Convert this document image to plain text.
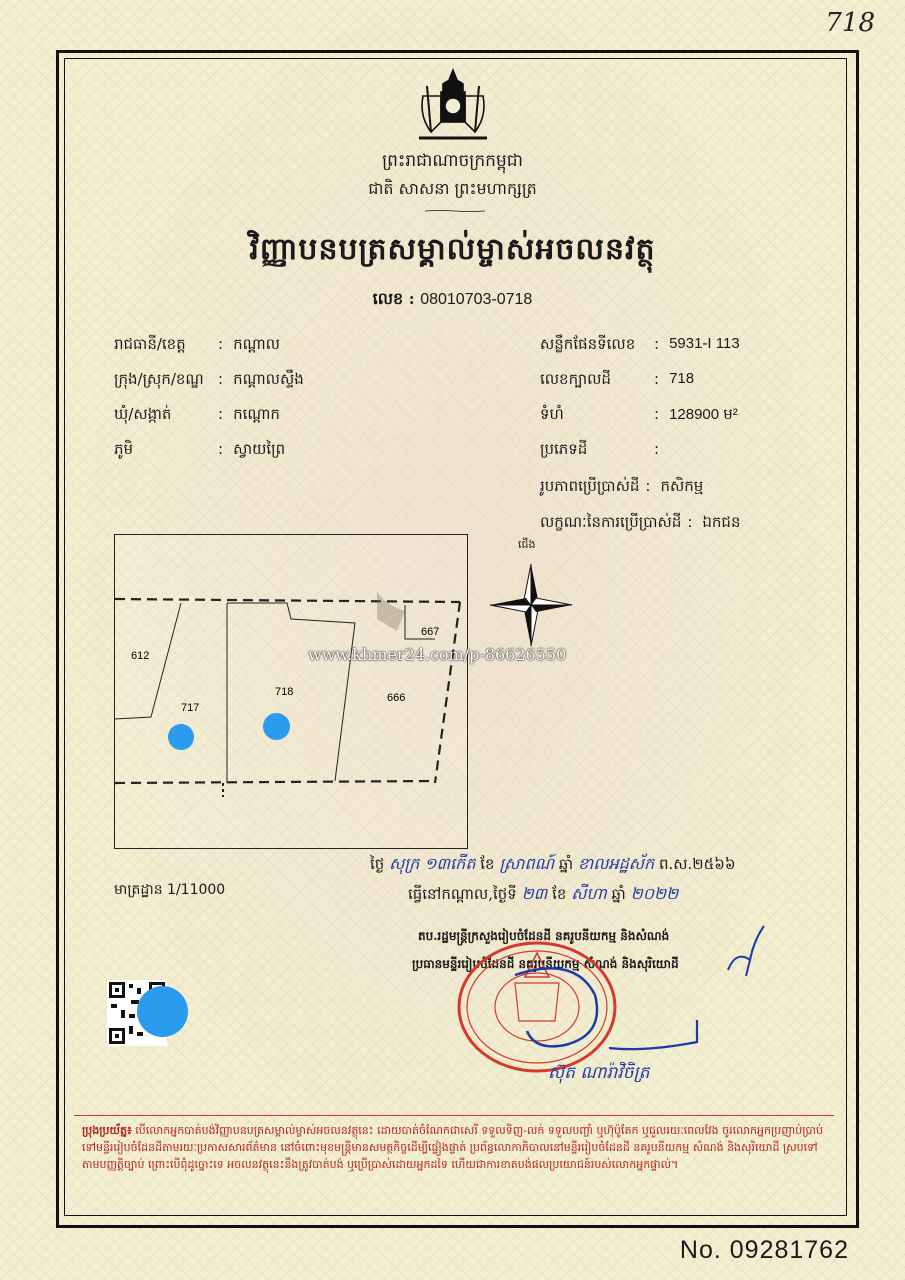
718
ព្រះរាជាណាចក្រកម្ពុជា
ជាតិ សាសនា ព្រះមហាក្សត្រ
វិញ្ញាបនបត្រសម្គាល់ម្ចាស់អចលនវត្ថុ
លេខ : 08010703-0718
រាជធានី/ខេត្ត	: កណ្ដាល
ក្រុង/ស្រុក/ខណ្ឌ : កណ្ដាលស្ទឹង
ឃុំ/សង្កាត់	: កណ្ដោក
ភូមិ	: ស្វាយព្រៃ
សន្លឹកផែនទីលេខ	: 5931-I 113
លេខក្បាលដី	: 718
ទំហំ	: 128900 ម²
ប្រភេទដី	:
រូបភាពប្រើប្រាស់ដី : កសិកម្ម
លក្ខណៈនៃការប្រើប្រាស់ដី : ឯកជន
612
717
718
667
666
www.khmer24.com/p-86626550
ជើង
ថ្ងៃ សុក្រ ១៣កើត ខែ ស្រាពណ៍ ឆ្នាំ ខាលអដ្ឋស័ក ព.ស.២៥៦៦
ធ្វើនៅកណ្ដាល,ថ្ងៃទី ២៣ ខែ សីហា ឆ្នាំ ២០២២
មាត្រដ្ឋាន 1/11000
តប.រដ្ឋមន្ត្រីក្រសួងរៀបចំដែនដី នគរូបនីយកម្ម និងសំណង់
ប្រធានមន្ទីររៀបចំដែនដី នគរូបនីយកម្ម សំណង់ និងសុរិយោដី
ស៊ុត ណារ៉ាវិចិត្រ

ប្រុងប្រយ័ត្ន៖ បើលោកអ្នកបាត់បង់វិញ្ញាបនបត្រសម្គាល់ម្ចាស់អចលនវត្ថុនេះ ដោយបាត់ចំណែកជាសេរី ទទួលទិញ-លក់ ទទួលបញ្ចាំ ឬហ៊ុប៉ូតែក ឬជួលរយៈពេលវែង ចូរលោកអ្នកប្រញាប់ប្រាប់ទៅមន្ទីររៀបចំដែនដីតាមរយៈប្រកាសសារព័ត៌មាន នៅចំពោះមុខមន្ត្រីមានសមត្ថកិច្ចដើម្បីផ្ទៀងផ្ទាត់ ប្រព័ន្ធលោកាភិបាលនៅមន្ទីររៀបចំដែនដី នគរូបនីយកម្ម សំណង់ និងសុរិយោដី ស្របទៅតាមបញ្ញត្តិច្បាប់ ព្រោះបើពុំដូច្នោះទេ អចលនវត្ថុនេះនឹងត្រូវបាត់បង់ ឬប្រើប្រាស់ដោយអ្នកដទៃ ហើយជាការខាតបង់ផលប្រយោជន៍របស់លោកអ្នកផ្ទាល់។

No. 09281762
